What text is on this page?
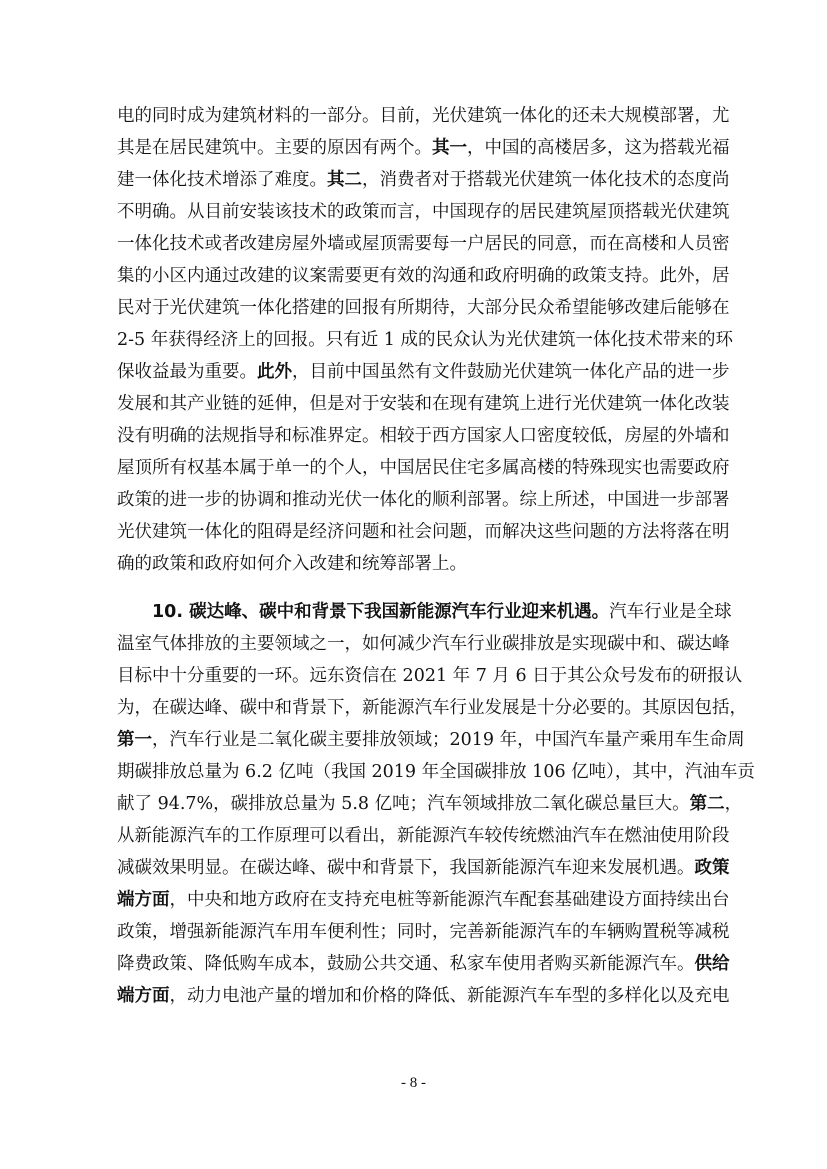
电的同时成为建筑材料的一部分。目前，光伏建筑一体化的还未大规模部署，尤
其是在居民建筑中。主要的原因有两个。其一，中国的高楼居多，这为搭载光福
建一体化技术增添了难度。其二，消费者对于搭载光伏建筑一体化技术的态度尚
不明确。从目前安装该技术的政策而言，中国现存的居民建筑屋顶搭载光伏建筑
一体化技术或者改建房屋外墙或屋顶需要每一户居民的同意，而在高楼和人员密
集的小区内通过改建的议案需要更有效的沟通和政府明确的政策支持。此外，居
民对于光伏建筑一体化搭建的回报有所期待，大部分民众希望能够改建后能够在
2-5 年获得经济上的回报。只有近 1 成的民众认为光伏建筑一体化技术带来的环
保收益最为重要。此外，目前中国虽然有文件鼓励光伏建筑一体化产品的进一步
发展和其产业链的延伸，但是对于安装和在现有建筑上进行光伏建筑一体化改装
没有明确的法规指导和标准界定。相较于西方国家人口密度较低，房屋的外墙和
屋顶所有权基本属于单一的个人，中国居民住宅多属高楼的特殊现实也需要政府
政策的进一步的协调和推动光伏一体化的顺利部署。综上所述，中国进一步部署
光伏建筑一体化的阻碍是经济问题和社会问题，而解决这些问题的方法将落在明
确的政策和政府如何介入改建和统筹部署上。
10. 碳达峰、碳中和背景下我国新能源汽车行业迎来机遇。汽车行业是全球
温室气体排放的主要领域之一，如何减少汽车行业碳排放是实现碳中和、碳达峰
目标中十分重要的一环。远东资信在 2021 年 7 月 6 日于其公众号发布的研报认
为，在碳达峰、碳中和背景下，新能源汽车行业发展是十分必要的。其原因包括，
第一，汽车行业是二氧化碳主要排放领域；2019 年，中国汽车量产乘用车生命周
期碳排放总量为 6.2 亿吨（我国 2019 年全国碳排放 106 亿吨），其中，汽油车贡
献了 94.7%，碳排放总量为 5.8 亿吨；汽车领域排放二氧化碳总量巨大。第二，
从新能源汽车的工作原理可以看出，新能源汽车较传统燃油汽车在燃油使用阶段
减碳效果明显。在碳达峰、碳中和背景下，我国新能源汽车迎来发展机遇。政策
端方面，中央和地方政府在支持充电桩等新能源汽车配套基础建设方面持续出台
政策，增强新能源汽车用车便利性；同时，完善新能源汽车的车辆购置税等减税
降费政策、降低购车成本，鼓励公共交通、私家车使用者购买新能源汽车。供给
端方面，动力电池产量的增加和价格的降低、新能源汽车车型的多样化以及充电
- 8 -
